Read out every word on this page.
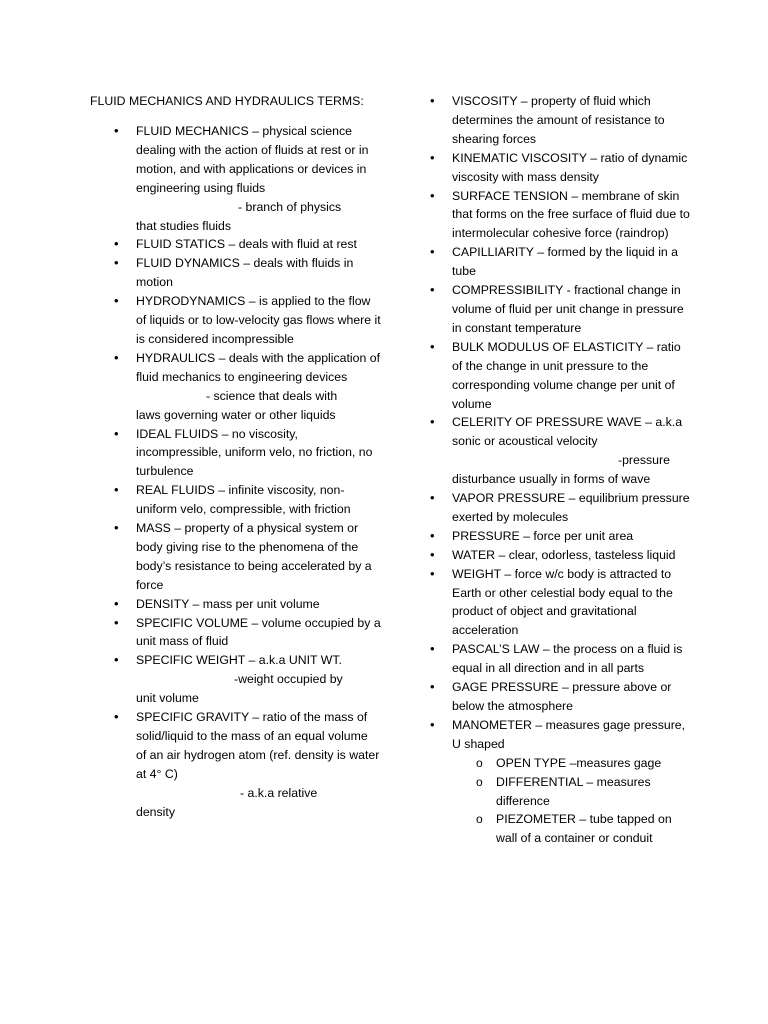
FLUID MECHANICS AND HYDRAULICS TERMS:
• FLUID MECHANICS – physical science dealing with the action of fluids at rest or in motion, and with applications or devices in engineering using fluids
- branch of physics
that studies fluids
• FLUID STATICS – deals with fluid at rest
• FLUID DYNAMICS – deals with fluids in motion
• HYDRODYNAMICS – is applied to the flow of liquids or to low-velocity gas flows where it is considered incompressible
• HYDRAULICS – deals with the application of fluid mechanics to engineering devices
- science that deals with
laws governing water or other liquids
• IDEAL FLUIDS – no viscosity, incompressible, uniform velo, no friction, no turbulence
• REAL FLUIDS – infinite viscosity, non-uniform velo, compressible, with friction
• MASS – property of a physical system or body giving rise to the phenomena of the body’s resistance to being accelerated by a force
• DENSITY – mass per unit volume
• SPECIFIC VOLUME – volume occupied by a unit mass of fluid
• SPECIFIC WEIGHT – a.k.a UNIT WT.
-weight occupied by
unit volume
• SPECIFIC GRAVITY – ratio of the mass of solid/liquid to the mass of an equal volume of an air hydrogen atom (ref. density is water at 4° C)
- a.k.a relative
density
• VISCOSITY – property of fluid which determines the amount of resistance to shearing forces
• KINEMATIC VISCOSITY – ratio of dynamic viscosity with mass density
• SURFACE TENSION – membrane of skin that forms on the free surface of fluid due to intermolecular cohesive force (raindrop)
• CAPILLIARITY – formed by the liquid in a tube
• COMPRESSIBILITY - fractional change in volume of fluid per unit change in pressure in constant temperature
• BULK MODULUS OF ELASTICITY – ratio of the change in unit pressure to the corresponding volume change per unit of volume
• CELERITY OF PRESSURE WAVE – a.k.a sonic or acoustical velocity
-pressure
disturbance usually in forms of wave
• VAPOR PRESSURE – equilibrium pressure exerted by molecules
• PRESSURE – force per unit area
• WATER – clear, odorless, tasteless liquid
• WEIGHT – force w/c body is attracted to Earth or other celestial body equal to the product of object and gravitational acceleration
• PASCAL’S LAW – the process on a fluid is equal in all direction and in all parts
• GAGE PRESSURE – pressure above or below the atmosphere
• MANOMETER – measures gage pressure, U shaped
o OPEN TYPE –measures gage
o DIFFERENTIAL – measures difference
o PIEZOMETER – tube tapped on wall of a container or conduit
